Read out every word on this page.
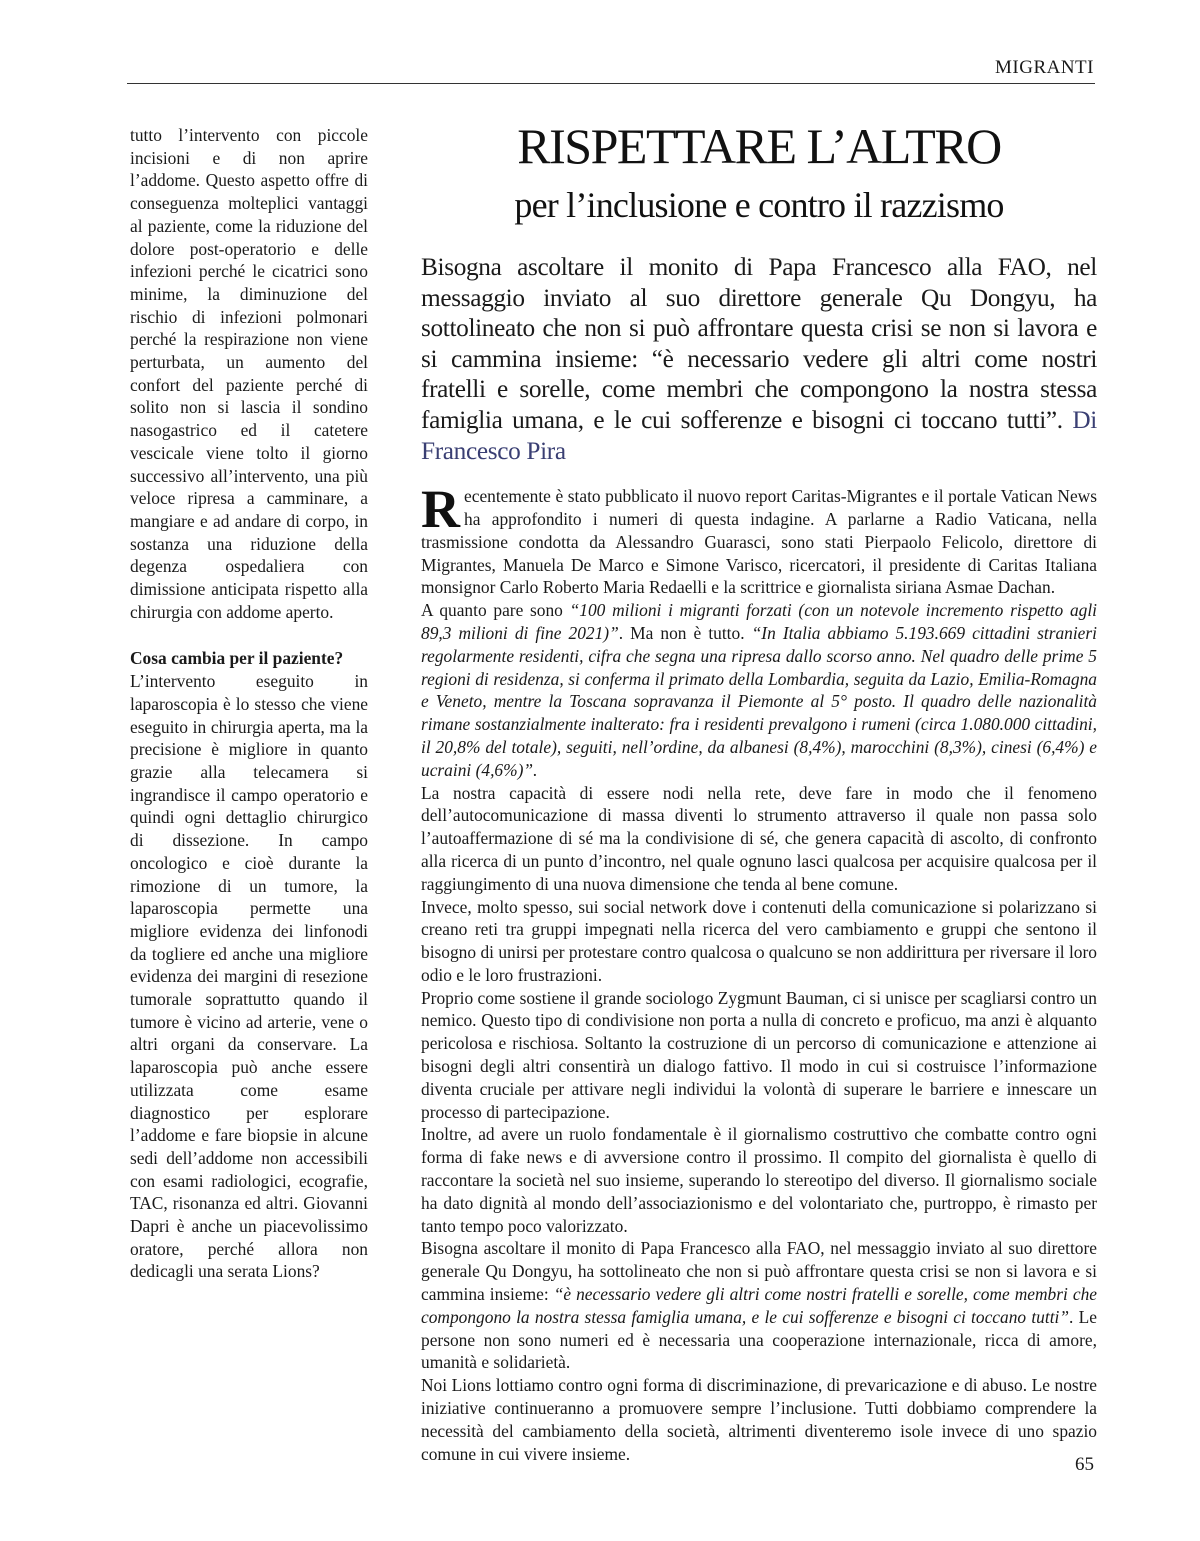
MIGRANTI

tutto l’intervento con piccole incisioni e di non aprire l’addome. Questo aspetto offre di conseguenza molteplici vantaggi al paziente, come la riduzione del dolore post-operatorio e delle infezioni perché le cicatrici sono minime, la diminuzione del rischio di infezioni polmonari perché la respirazione non viene perturbata, un aumento del confort del paziente perché di solito non si lascia il sondino nasogastrico ed il catetere vescicale viene tolto il giorno successivo all’intervento, una più veloce ripresa a camminare, a mangiare e ad andare di corpo, in sostanza una riduzione della degenza ospedaliera con dimissione anticipata rispetto alla chirurgia con addome aperto.

Cosa cambia per il paziente?

L’intervento eseguito in laparoscopia è lo stesso che viene eseguito in chirurgia aperta, ma la precisione è migliore in quanto grazie alla telecamera si ingrandisce il campo operatorio e quindi ogni dettaglio chirurgico di dissezione. In campo oncologico e cioè durante la rimozione di un tumore, la laparoscopia permette una migliore evidenza dei linfonodi da togliere ed anche una migliore evidenza dei margini di resezione tumorale soprattutto quando il tumore è vicino ad arterie, vene o altri organi da conservare. La laparoscopia può anche essere utilizzata come esame diagnostico per esplorare l’addome e fare biopsie in alcune sedi dell’addome non accessibili con esami radiologici, ecografie, TAC, risonanza ed altri. Giovanni Dapri è anche un piacevolissimo oratore, perché allora non dedicagli una serata Lions?

RISPETTARE L’ALTRO
per l’inclusione e contro il razzismo

Bisogna ascoltare il monito di Papa Francesco alla FAO, nel messaggio inviato al suo direttore generale Qu Dongyu, ha sottolineato che non si può affrontare questa crisi se non si lavora e si cammina insieme: “è necessario vedere gli altri come nostri fratelli e sorelle, come membri che compongono la nostra stessa famiglia umana, e le cui sofferenze e bisogni ci toccano tutti”. Di Francesco Pira

Recentemente è stato pubblicato il nuovo report Caritas-Migrantes e il portale Vatican News ha approfondito i numeri di questa indagine. A parlarne a Radio Vaticana, nella trasmissione condotta da Alessandro Guarasci, sono stati Pierpaolo Felicolo, direttore di Migrantes, Manuela De Marco e Simone Varisco, ricercatori, il presidente di Caritas Italiana monsignor Carlo Roberto Maria Redaelli e la scrittrice e giornalista siriana Asmae Dachan.

A quanto pare sono “100 milioni i migranti forzati (con un notevole incremento rispetto agli 89,3 milioni di fine 2021)”. Ma non è tutto. “In Italia abbiamo 5.193.669 cittadini stranieri regolarmente residenti, cifra che segna una ripresa dallo scorso anno. Nel quadro delle prime 5 regioni di residenza, si conferma il primato della Lombardia, seguita da Lazio, Emilia-Romagna e Veneto, mentre la Toscana sopravanza il Piemonte al 5° posto. Il quadro delle nazionalità rimane sostanzialmente inalterato: fra i residenti prevalgono i rumeni (circa 1.080.000 cittadini, il 20,8% del totale), seguiti, nell’ordine, da albanesi (8,4%), marocchini (8,3%), cinesi (6,4%) e ucraini (4,6%)”.

La nostra capacità di essere nodi nella rete, deve fare in modo che il fenomeno dell’autocomunicazione di massa diventi lo strumento attraverso il quale non passa solo l’autoaffermazione di sé ma la condivisione di sé, che genera capacità di ascolto, di confronto alla ricerca di un punto d’incontro, nel quale ognuno lasci qualcosa per acquisire qualcosa per il raggiungimento di una nuova dimensione che tenda al bene comune.

Invece, molto spesso, sui social network dove i contenuti della comunicazione si polarizzano si creano reti tra gruppi impegnati nella ricerca del vero cambiamento e gruppi che sentono il bisogno di unirsi per protestare contro qualcosa o qualcuno se non addirittura per riversare il loro odio e le loro frustrazioni.

Proprio come sostiene il grande sociologo Zygmunt Bauman, ci si unisce per scagliarsi contro un nemico. Questo tipo di condivisione non porta a nulla di concreto e proficuo, ma anzi è alquanto pericolosa e rischiosa. Soltanto la costruzione di un percorso di comunicazione e attenzione ai bisogni degli altri consentirà un dialogo fattivo. Il modo in cui si costruisce l’informazione diventa cruciale per attivare negli individui la volontà di superare le barriere e innescare un processo di partecipazione.

Inoltre, ad avere un ruolo fondamentale è il giornalismo costruttivo che combatte contro ogni forma di fake news e di avversione contro il prossimo. Il compito del giornalista è quello di raccontare la società nel suo insieme, superando lo stereotipo del diverso. Il giornalismo sociale ha dato dignità al mondo dell’associazionismo e del volontariato che, purtroppo, è rimasto per tanto tempo poco valorizzato.

Bisogna ascoltare il monito di Papa Francesco alla FAO, nel messaggio inviato al suo direttore generale Qu Dongyu, ha sottolineato che non si può affrontare questa crisi se non si lavora e si cammina insieme: “è necessario vedere gli altri come nostri fratelli e sorelle, come membri che compongono la nostra stessa famiglia umana, e le cui sofferenze e bisogni ci toccano tutti”. Le persone non sono numeri ed è necessaria una cooperazione internazionale, ricca di amore, umanità e solidarietà.

Noi Lions lottiamo contro ogni forma di discriminazione, di prevaricazione e di abuso. Le nostre iniziative continueranno a promuovere sempre l’inclusione. Tutti dobbiamo comprendere la necessità del cambiamento della società, altrimenti diventeremo isole invece di uno spazio comune in cui vivere insieme.

65
